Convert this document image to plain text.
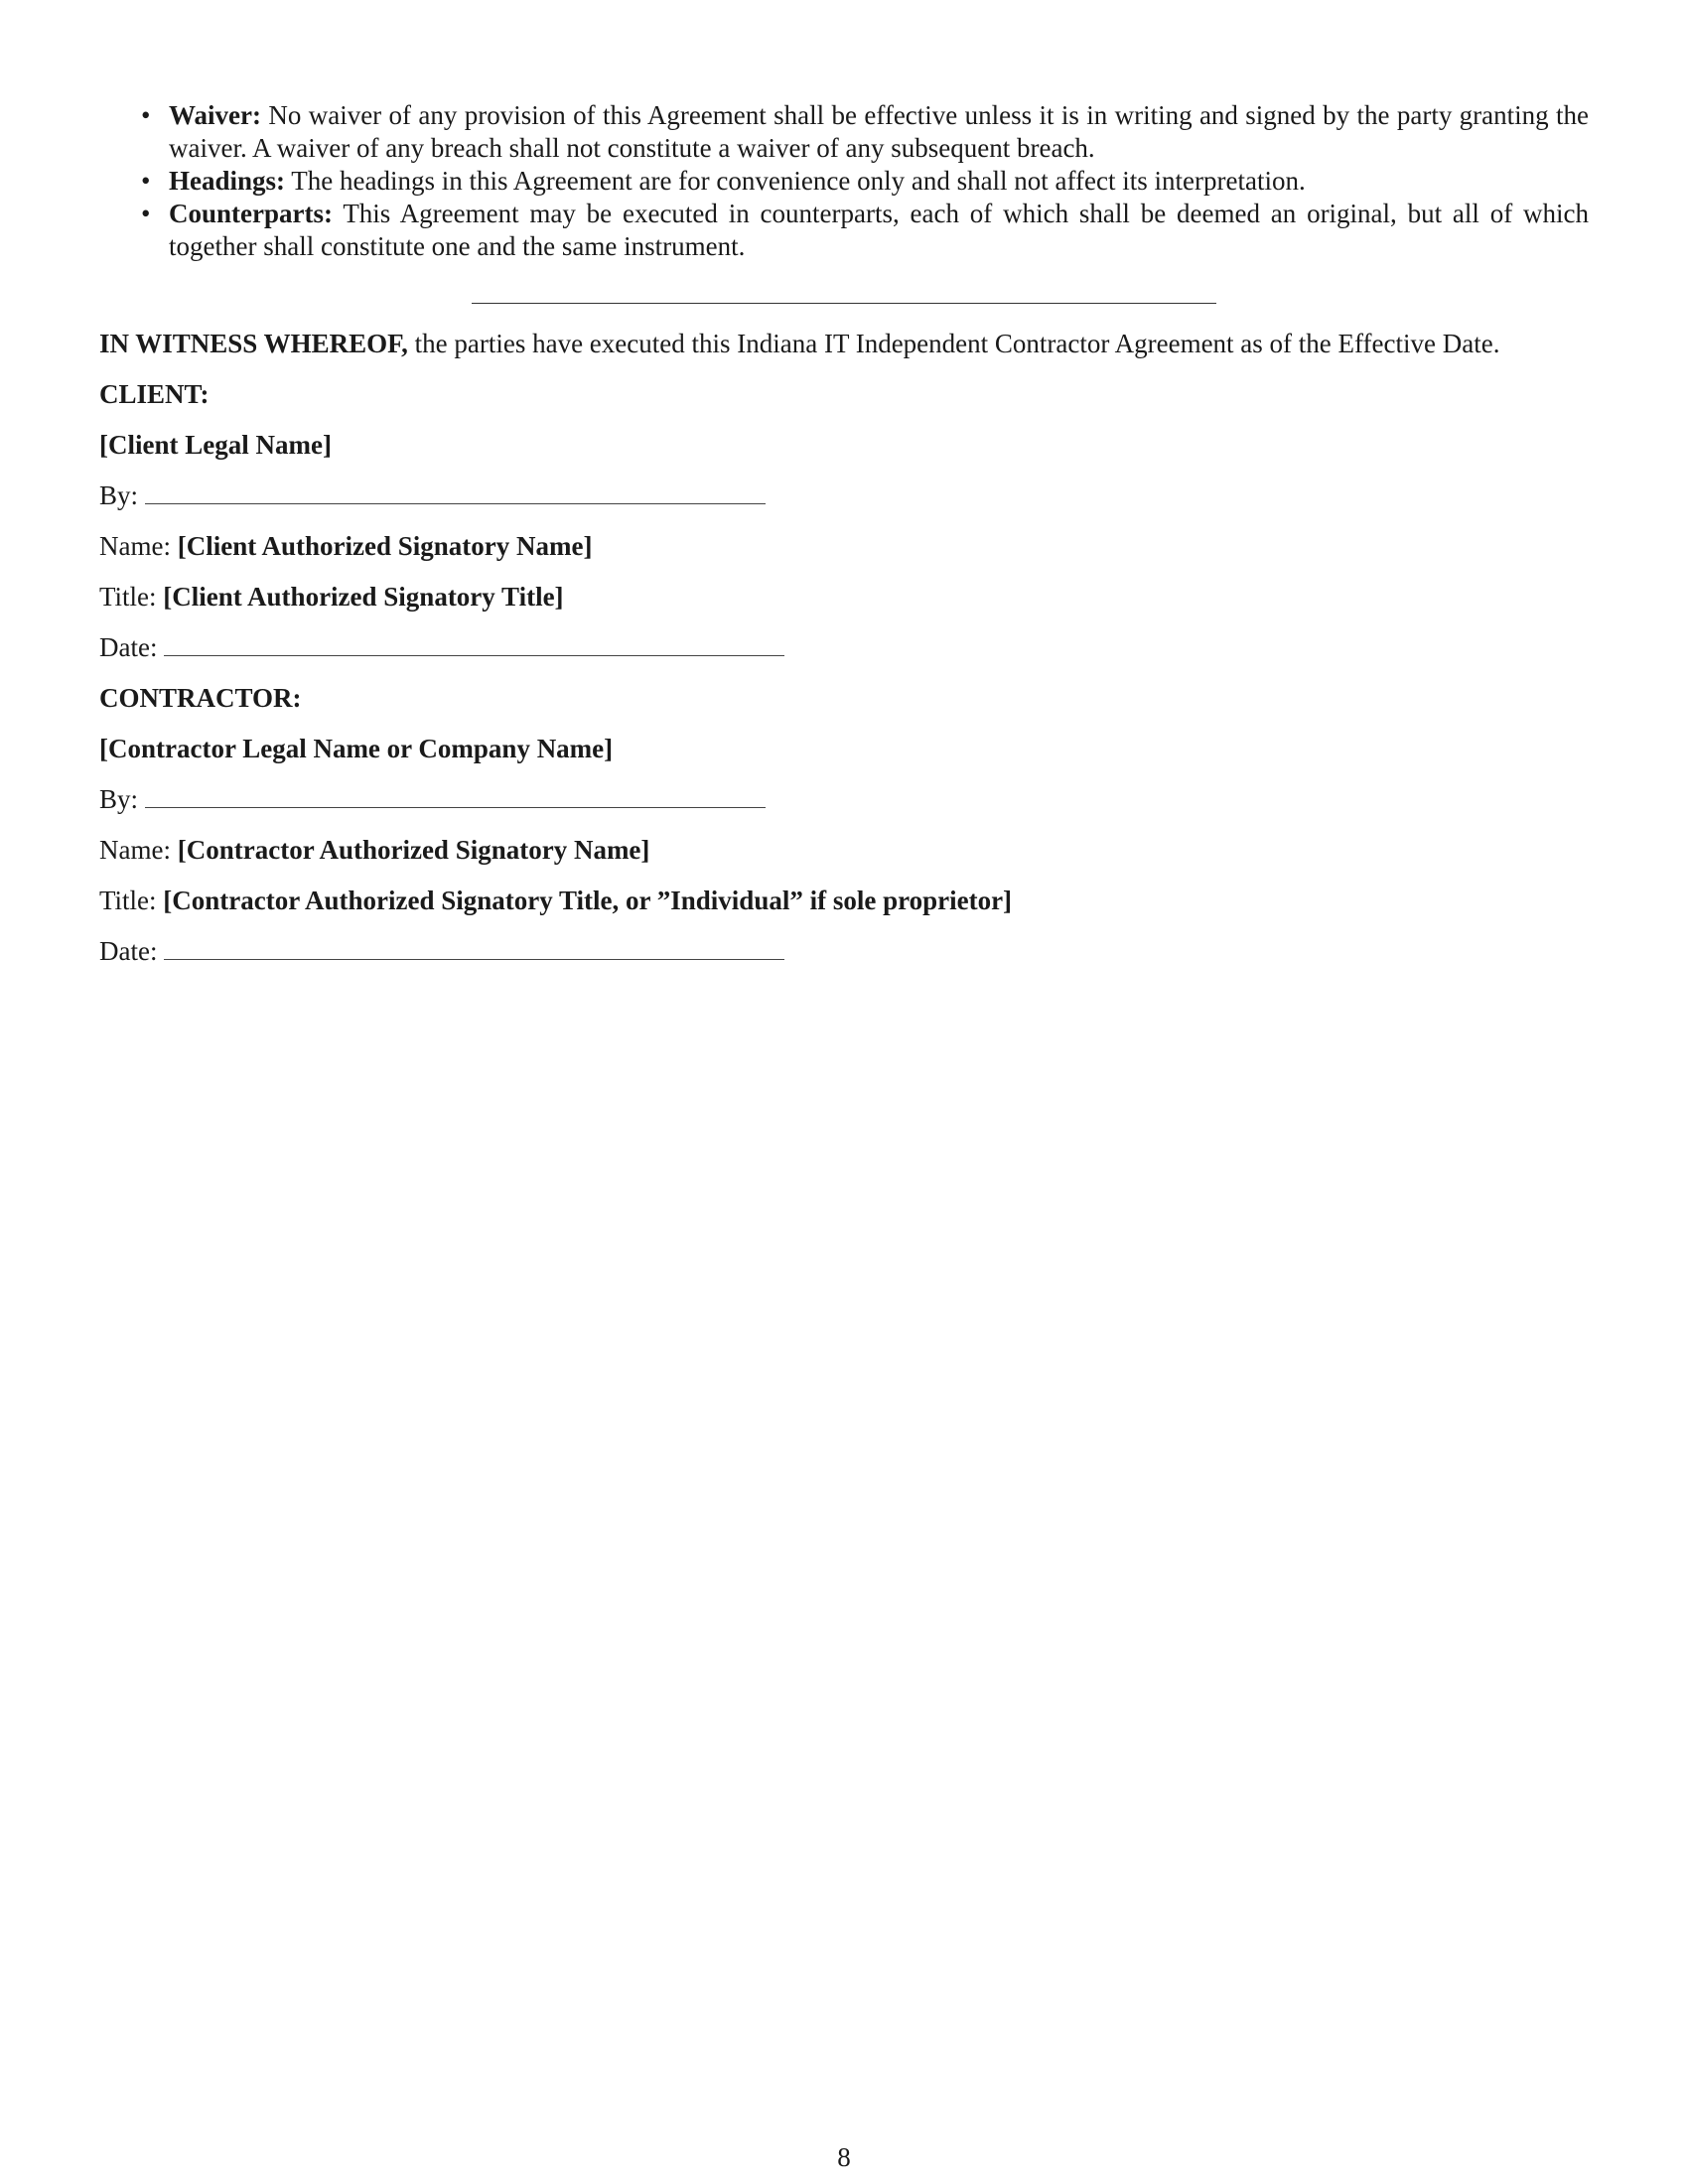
• Waiver: No waiver of any provision of this Agreement shall be effective unless it is in writing and signed by the party granting the waiver. A waiver of any breach shall not constitute a waiver of any subsequent breach.
• Headings: The headings in this Agreement are for convenience only and shall not affect its interpretation.
• Counterparts: This Agreement may be executed in counterparts, each of which shall be deemed an original, but all of which together shall constitute one and the same instrument.
IN WITNESS WHEREOF, the parties have executed this Indiana IT Independent Contractor Agreement as of the Effective Date.
CLIENT:
[Client Legal Name]
By:
Name: [Client Authorized Signatory Name]
Title: [Client Authorized Signatory Title]
Date:
CONTRACTOR:
[Contractor Legal Name or Company Name]
By:
Name: [Contractor Authorized Signatory Name]
Title: [Contractor Authorized Signatory Title, or ”Individual” if sole proprietor]
Date:
8
